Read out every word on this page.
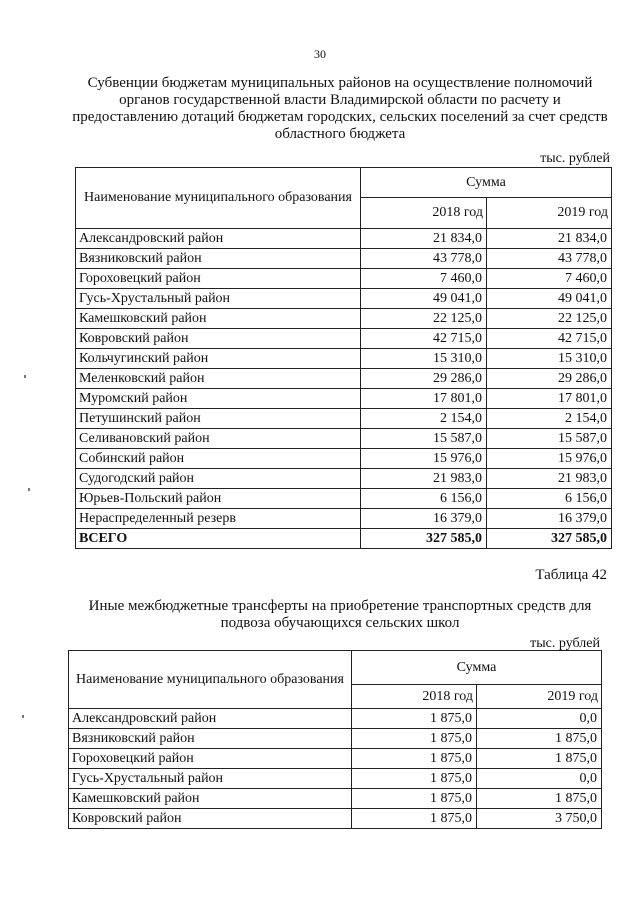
30
Субвенции бюджетам муниципальных районов на осуществление полномочий органов государственной власти Владимирской области по расчету и предоставлению дотаций бюджетам городских, сельских поселений за счет средств областного бюджета
тыс. рублей
Наименование муниципального образования	Сумма	
	2018 год	2019 год
Александровский район	21 834,0	21 834,0
Вязниковский район	43 778,0	43 778,0
Гороховецкий район	7 460,0	7 460,0
Гусь-Хрустальный район	49 041,0	49 041,0
Камешковский район	22 125,0	22 125,0
Ковровский район	42 715,0	42 715,0
Кольчугинский район	15 310,0	15 310,0
Меленковский район	29 286,0	29 286,0
Муромский район	17 801,0	17 801,0
Петушинский район	2 154,0	2 154,0
Селивановский район	15 587,0	15 587,0
Собинский район	15 976,0	15 976,0
Судогодский район	21 983,0	21 983,0
Юрьев-Польский район	6 156,0	6 156,0
Нераспределенный резерв	16 379,0	16 379,0
ВСЕГО	327 585,0	327 585,0
Таблица 42
Иные межбюджетные трансферты на приобретение транспортных средств для подвоза обучающихся сельских школ
тыс. рублей
Наименование муниципального образования	Сумма	
	2018 год	2019 год
Александровский район	1 875,0	0,0
Вязниковский район	1 875,0	1 875,0
Гороховецкий район	1 875,0	1 875,0
Гусь-Хрустальный район	1 875,0	0,0
Камешковский район	1 875,0	1 875,0
Ковровский район	1 875,0	3 750,0
